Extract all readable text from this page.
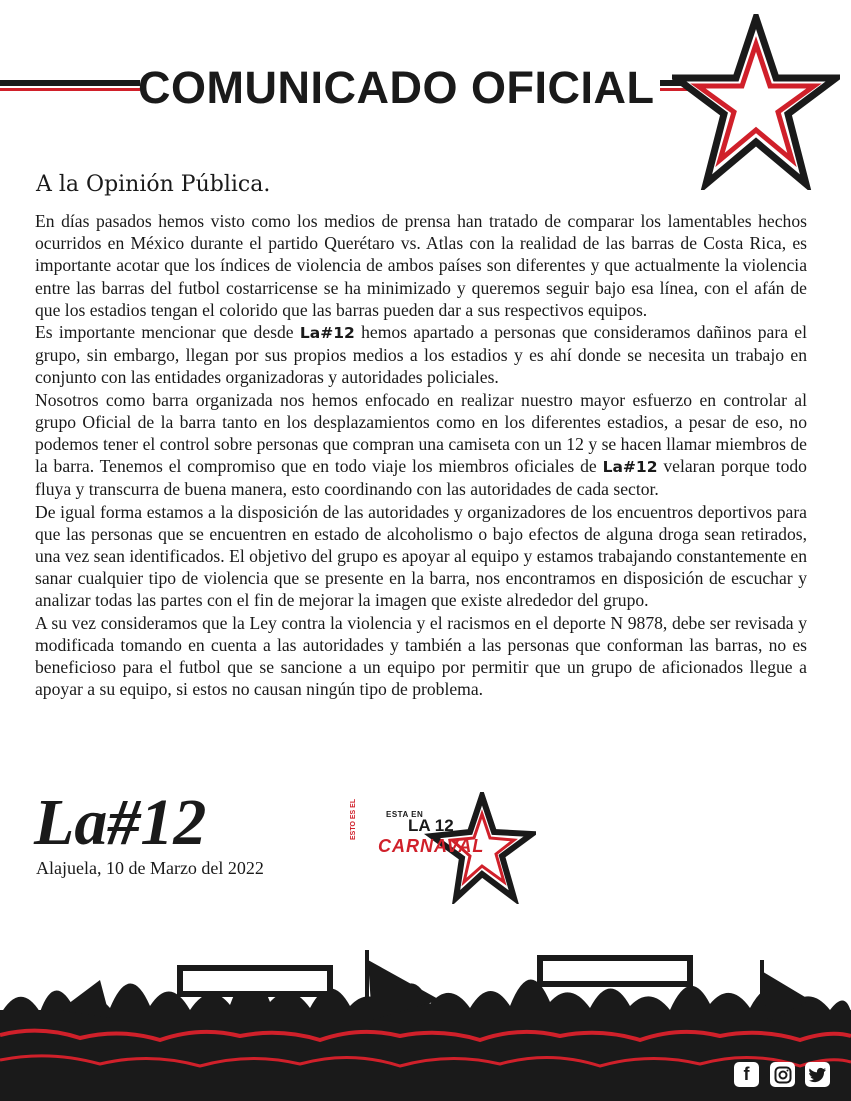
COMUNICADO OFICIAL
A la Opinión Pública.

En días pasados hemos visto como los medios de prensa han tratado de comparar los lamentables hechos ocurridos en México durante el partido Querétaro vs. Atlas con la realidad de las barras de Costa Rica, es importante acotar que los índices de violencia de ambos países son diferentes y que actualmente la violencia entre las barras del futbol costarricense se ha minimizado y queremos seguir bajo esa línea, con el afán de que los estadios tengan el colorido que las barras pueden dar a sus respectivos equipos.

Es importante mencionar que desde La#12 hemos apartado a personas que consideramos dañinos para el grupo, sin embargo, llegan por sus propios medios a los estadios y es ahí donde se necesita un trabajo en conjunto con las entidades organizadoras y autoridades policiales.

Nosotros como barra organizada nos hemos enfocado en realizar nuestro mayor esfuerzo en controlar al grupo Oficial de la barra tanto en los desplazamientos como en los diferentes estadios, a pesar de eso, no podemos tener el control sobre personas que compran una camiseta con un 12 y se hacen llamar miembros de la barra. Tenemos el compromiso que en todo viaje los miembros oficiales de La#12 velaran porque todo fluya y transcurra de buena manera, esto coordinando con las autoridades de cada sector.

De igual forma estamos a la disposición de las autoridades y organizadores de los encuentros deportivos para que las personas que se encuentren en estado de alcoholismo o bajo efectos de alguna droga sean retirados, una vez sean identificados. El objetivo del grupo es apoyar al equipo y estamos trabajando constantemente en sanar cualquier tipo de violencia que se presente en la barra, nos encontramos en disposición de escuchar y analizar todas las partes con el fin de mejorar la imagen que existe alrededor del grupo.

A su vez consideramos que la Ley contra la violencia y el racismos en el deporte N 9878, debe ser revisada y modificada tomando en cuenta a las autoridades y también a las personas que conforman las barras, no es beneficioso para el futbol que se sancione a un equipo por permitir que un grupo de aficionados llegue a apoyar a su equipo, si estos no causan ningún tipo de problema.

La#12
Alajuela, 10 de Marzo del 2022
ESTA EN
LA 12
CARNAVAL
ESTO ES EL
f
